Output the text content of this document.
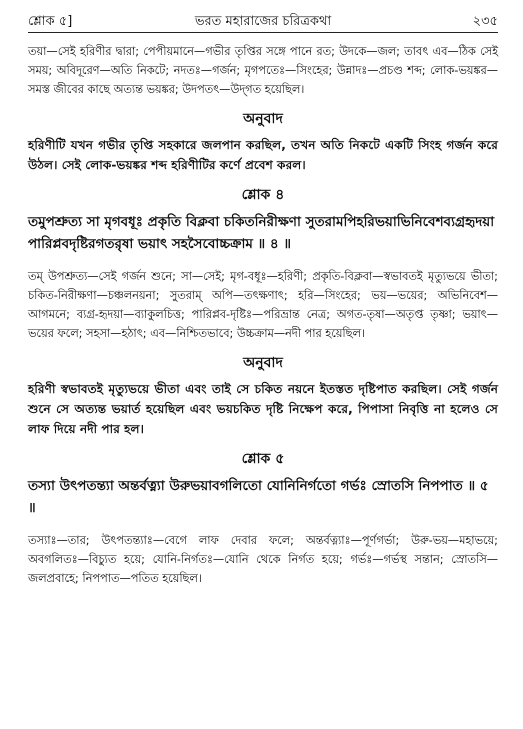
শ্লোক ৫]	ভরত মহারাজের চরিত্রকথা	২৩৫

তয়া—সেই হরিণীর দ্বারা; পেপীয়মানে—গভীর তৃপ্তির সঙ্গে পানে রত; উদকে—জল; তাবৎ এব—ঠিক সেই সময়; অবিদূরেণ—অতি নিকটে; নদতঃ—গর্জন; মৃগপতেঃ—সিংহের; উন্নাদঃ—প্রচণ্ড শব্দ; লোক-ভয়ঙ্কর—সমস্ত জীবের কাছে অত্যন্ত ভয়ঙ্কর; উদপতৎ—উদ্‌গত হয়েছিল।

অনুবাদ

হরিণীটি যখন গভীর তৃপ্তি সহকারে জলপান করছিল, তখন অতি নিকটে একটি সিংহ গর্জন করে উঠল। সেই লোক-ভয়ঙ্কর শব্দ হরিণীটির কর্ণে প্রবেশ করল।

শ্লোক ৪

তমুপশ্রুত্য সা মৃগবধূঃ প্রকৃতি বিক্লবা চকিতনিরীক্ষণা সুতরামপিহরিভয়াভিনিবেশব্যগ্রহৃদয়া পারিপ্লবদৃষ্টিরগতরৃষা ভয়াৎ সহসৈবোচ্চক্রাম ॥ ৪ ॥

তম্ উপশ্রুত্য—সেই গর্জন শুনে; সা—সেই; মৃগ-বধূঃ—হরিণী; প্রকৃতি-বিক্লবা—স্বভাবতই মৃত্যুভয়ে ভীতা; চকিত-নিরীক্ষণা—চঞ্চলনয়না; সুতরাম্ অপি—তৎক্ষণাৎ; হরি—সিংহের; ভয়—ভয়ের; অভিনিবেশ—আগমনে; ব্যগ্র-হৃদয়া—ব্যাকুলচিত্ত; পারিপ্লব-দৃষ্টিঃ—পরিভ্রান্ত নেত্র; অগত-তৃষা—অতৃপ্ত তৃষ্ণা; ভয়াৎ—ভয়ের ফলে; সহসা—হঠাৎ; এব—নিশ্চিতভাবে; উচ্চক্রাম—নদী পার হয়েছিল।

অনুবাদ

হরিণী স্বভাবতই মৃত্যুভয়ে ভীতা এবং তাই সে চকিত নয়নে ইতস্তত দৃষ্টিপাত করছিল। সেই গর্জন শুনে সে অত্যন্ত ভয়ার্ত হয়েছিল এবং ভয়চকিত দৃষ্টি নিক্ষেপ করে, পিপাসা নিবৃত্তি না হলেও সে লাফ দিয়ে নদী পার হল।

শ্লোক ৫

তস্যা উৎপতন্ত্যা অন্তর্বত্ন্যা উরুভয়াবগলিতো যোনিনির্গতো গর্ভঃ স্রোতসি নিপপাত ॥ ৫ ॥

তস্যাঃ—তার; উৎপতন্ত্যাঃ—বেগে লাফ দেবার ফলে; অন্তর্বত্ন্যাঃ—পূর্ণগর্ভা; উরু-ভয়—মহাভয়ে; অবগলিতঃ—বিচ্যুত হয়ে; যোনি-নির্গতঃ—যোনি থেকে নির্গত হয়ে; গর্ভঃ—গর্ভস্থ সন্তান; স্রোতসি—জলপ্রবাহে; নিপপাত—পতিত হয়েছিল।
